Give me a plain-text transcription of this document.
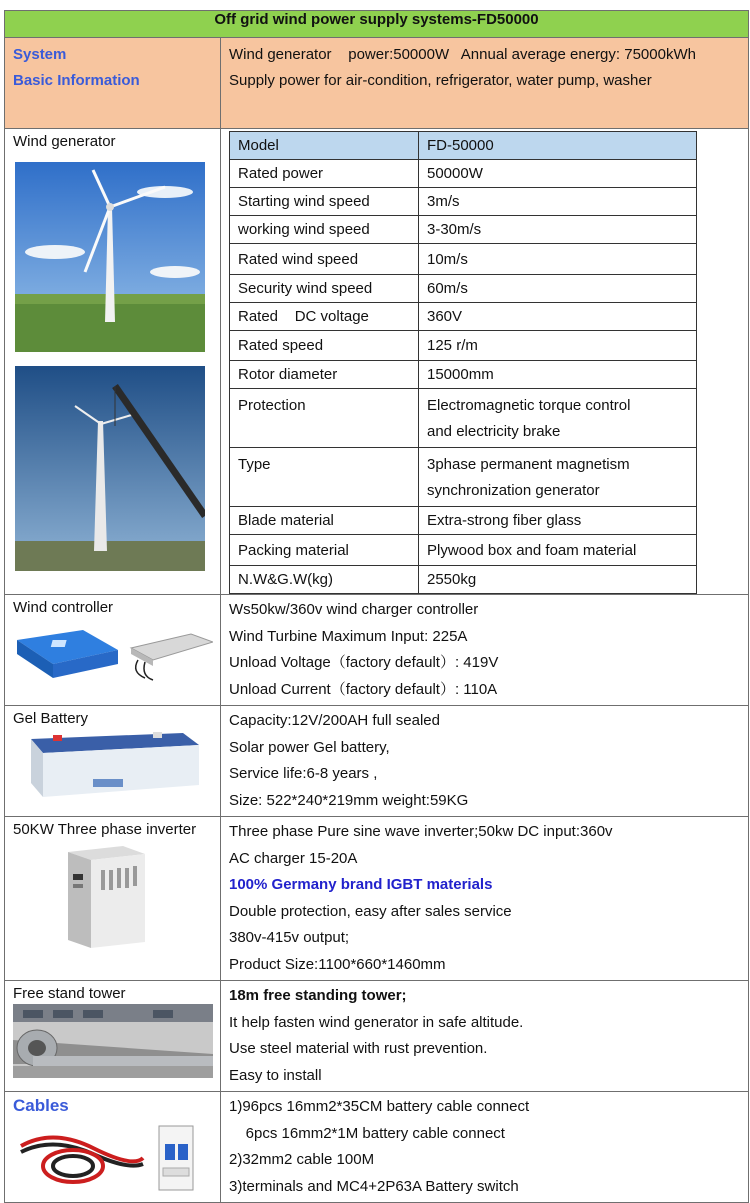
Off grid wind power supply systems-FD50000

System
Basic Information

Wind generator    power:50000W   Annual average energy: 75000kWh
Supply power for air-condition, refrigerator, water pump, washer

Wind generator
		Model	FD-50000
Rated power	50000W
Starting wind speed	3m/s
working wind speed	3-30m/s
Rated wind speed	10m/s
Security wind speed	60m/s
Rated    DC voltage	360V
Rated speed	125 r/m
Rotor diameter	15000mm
Protection	Electromagnetic torque control
and electricity brake

Type	3phase permanent magnetism
synchronization generator

Blade material	Extra-strong fiber glass
Packing material	Plywood box and foam material
N.W&G.W(kg)	2550kg

Wind controller	Ws50kw/360v wind charger controller
Wind Turbine Maximum Input: 225A
Unload Voltage（factory default）: 419V
Unload Current（factory default）: 110A

Gel Battery	Capacity:12V/200AH full sealed
Solar power Gel battery,
Service life:6-8 years ,
Size: 522*240*219mm weight:59KG

50KW Three phase inverter	Three phase Pure sine wave inverter;50kw DC input:360v
AC charger 15-20A
100% Germany brand IGBT materials
Double protection, easy after sales service
380v-415v output;
Product Size:1100*660*1460mm

Free stand tower	18m free standing tower;
It help fasten wind generator in safe altitude.
Use steel material with rust prevention.
Easy to install

Cables	1)96pcs 16mm2*35CM battery cable connect
6pcs 16mm2*1M battery cable connect
2)32mm2 cable 100M
3)terminals and MC4+2P63A Battery switch
